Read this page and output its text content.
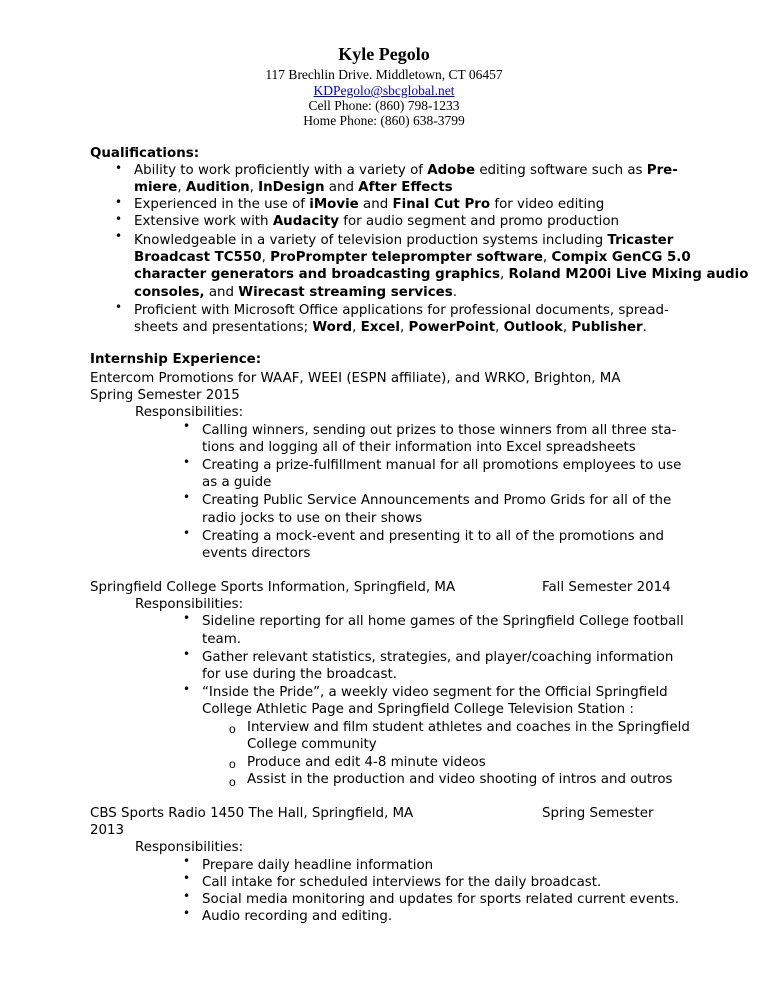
Kyle Pegolo
117 Brechlin Drive. Middletown, CT 06457
KDPegolo@sbcglobal.net
Cell Phone: (860) 798-1233
Home Phone: (860) 638-3799
Qualifications:
• Ability to work proficiently with a variety of Adobe editing software such as Pre-
miere, Audition, InDesign and After Effects
• Experienced in the use of iMovie and Final Cut Pro for video editing
• Extensive work with Audacity for audio segment and promo production
• Knowledgeable in a variety of television production systems including Tricaster
Broadcast TC550, ProPrompter teleprompter software, Compix GenCG 5.0
character generators and broadcasting graphics, Roland M200i Live Mixing audio
consoles, and Wirecast streaming services.
• Proficient with Microsoft Office applications for professional documents, spread-
sheets and presentations; Word, Excel, PowerPoint, Outlook, Publisher.
Internship Experience:
Entercom Promotions for WAAF, WEEI (ESPN affiliate), and WRKO, Brighton, MA
Spring Semester 2015
Responsibilities:
• Calling winners, sending out prizes to those winners from all three sta-
tions and logging all of their information into Excel spreadsheets
• Creating a prize-fulfillment manual for all promotions employees to use
as a guide
• Creating Public Service Announcements and Promo Grids for all of the
radio jocks to use on their shows
• Creating a mock-event and presenting it to all of the promotions and
events directors
Springfield College Sports Information, Springfield, MA	Fall Semester 2014
Responsibilities:
• Sideline reporting for all home games of the Springfield College football
team.
• Gather relevant statistics, strategies, and player/coaching information
for use during the broadcast.
• “Inside the Pride”, a weekly video segment for the Official Springfield
College Athletic Page and Springfield College Television Station :
o Interview and film student athletes and coaches in the Springfield
College community
o Produce and edit 4-8 minute videos
o Assist in the production and video shooting of intros and outros
CBS Sports Radio 1450 The Hall, Springfield, MA	Spring Semester
2013
Responsibilities:
• Prepare daily headline information
• Call intake for scheduled interviews for the daily broadcast.
• Social media monitoring and updates for sports related current events.
• Audio recording and editing.
